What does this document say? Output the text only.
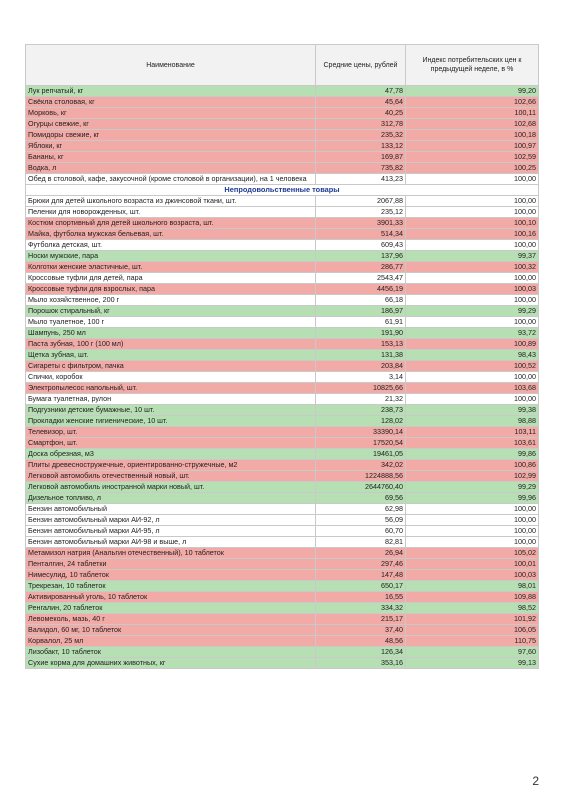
Наименование	Средние цены, рублей	Индекс потребительских цен к предыдущей неделе, в %
Лук репчатый, кг	47,78	99,20
Свёкла столовая, кг	45,64	102,66
Морковь, кг	40,25	100,11
Огурцы свежие, кг	312,78	102,68
Помидоры свежие, кг	235,32	100,18
Яблоки, кг	133,12	100,97
Бананы, кг	169,87	102,59
Водка, л	735,82	100,25
Обед в столовой, кафе, закусочной (кроме столовой в организации), на 1 человека	413,23	100,00
Непродовольственные товары		
Брюки для детей школьного возраста из джинсовой ткани, шт.	2067,88	100,00
Пеленки для новорожденных, шт.	235,12	100,00
Костюм спортивный для детей школьного возраста, шт.	3901,33	100,10
Майка, футболка мужская бельевая, шт.	514,34	100,16
Футболка детская, шт.	609,43	100,00
Носки мужские, пара	137,96	99,37
Колготки женские эластичные, шт.	286,77	100,32
Кроссовые туфли для детей, пара	2543,47	100,00
Кроссовые туфли для взрослых, пара	4456,19	100,03
Мыло хозяйственное, 200 г	66,18	100,00
Порошок стиральный, кг	186,97	99,29
Мыло туалетное, 100 г	61,91	100,00
Шампунь, 250 мл	191,90	93,72
Паста зубная, 100 г (100 мл)	153,13	100,89
Щетка зубная, шт.	131,38	98,43
Сигареты с фильтром, пачка	203,84	100,52
Спички, коробок	3,14	100,00
Электропылесос напольный, шт.	10825,66	103,68
Бумага туалетная, рулон	21,32	100,00
Подгузники детские бумажные, 10 шт.	238,73	99,38
Прокладки женские гигиенические, 10 шт.	128,02	98,88
Телевизор, шт.	33390,14	103,11
Смартфон, шт.	17520,54	103,61
Доска обрезная, м3	19461,05	99,86
Плиты древесностружечные, ориентированно-стружечные, м2	342,02	100,86
Легковой автомобиль отечественный новый, шт.	1224888,56	102,99
Легковой автомобиль иностранной марки новый, шт.	2644760,40	99,29
Дизельное топливо, л	69,56	99,96
Бензин автомобильный	62,98	100,00
Бензин автомобильный марки АИ-92, л	56,09	100,00
Бензин автомобильный марки АИ-95, л	60,70	100,00
Бензин автомобильный марки АИ-98 и выше, л	82,81	100,00
Метамизол натрия (Анальгин отечественный), 10 таблеток	26,94	105,02
Пенталгин, 24 таблетки	297,46	100,01
Нимесулид, 10 таблеток	147,48	100,03
Трекрезан, 10 таблеток	650,17	98,01
Активированный уголь, 10 таблеток	16,55	109,88
Ренгалин, 20 таблеток	334,32	98,52
Левомеколь, мазь, 40 г	215,17	101,92
Валидол, 60 мг, 10 таблеток	37,40	106,05
Корвалол, 25 мл	48,56	110,75
Лизобакт, 10 таблеток	126,34	97,60
Сухие корма для домашних животных, кг	353,16	99,13
2
